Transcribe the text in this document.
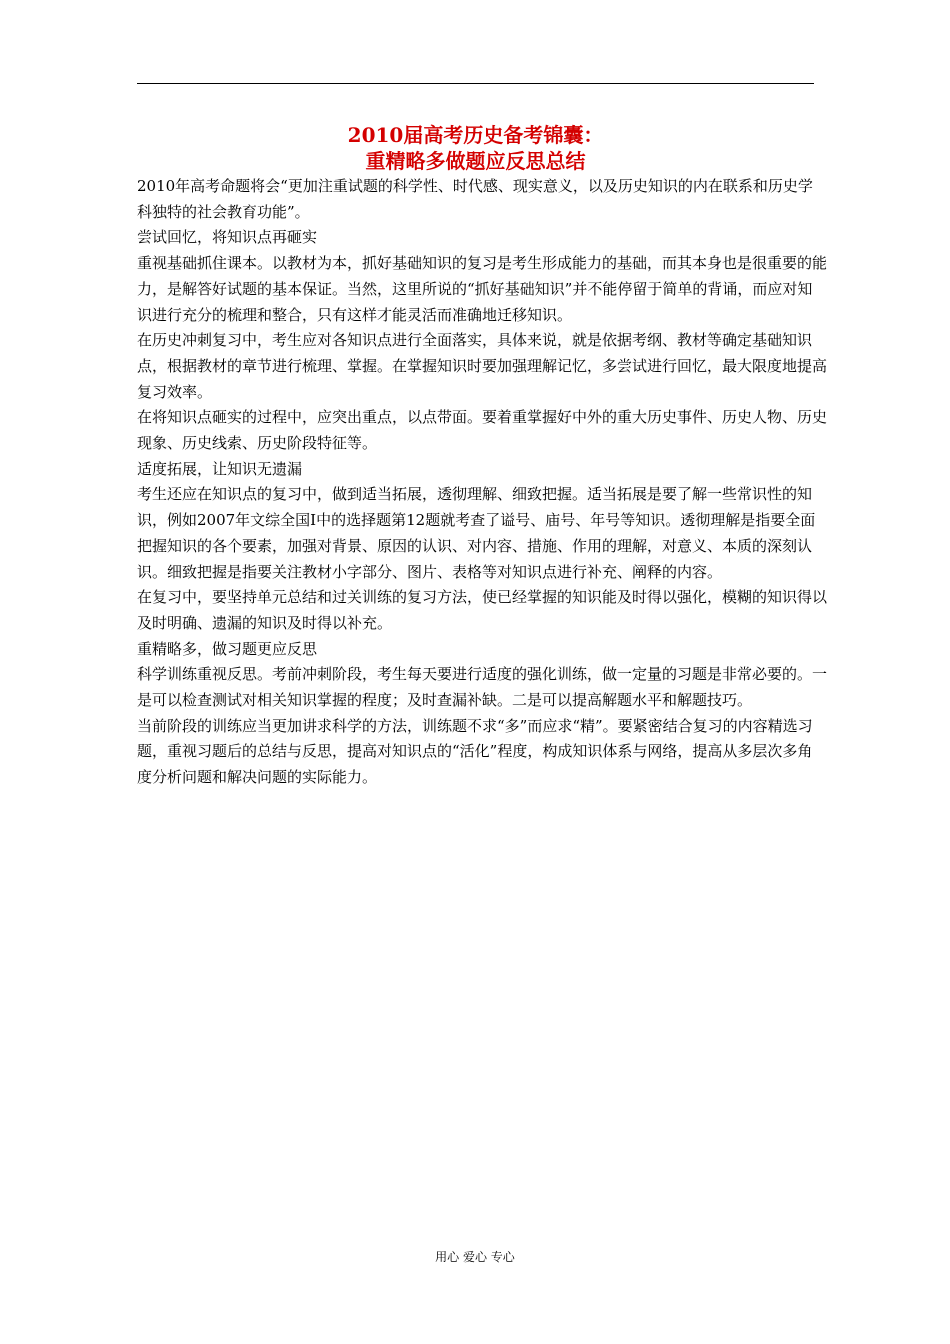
2010届高考历史备考锦囊：
重精略多做题应反思总结

2010年高考命题将会“更加注重试题的科学性、时代感、现实意义，以及历史知识的内在联系和历史学科独特的社会教育功能”。

尝试回忆，将知识点再砸实

重视基础抓住课本。以教材为本，抓好基础知识的复习是考生形成能力的基础，而其本身也是很重要的能力，是解答好试题的基本保证。当然，这里所说的“抓好基础知识”并不能停留于简单的背诵，而应对知识进行充分的梳理和整合，只有这样才能灵活而准确地迁移知识。

在历史冲刺复习中，考生应对各知识点进行全面落实，具体来说，就是依据考纲、教材等确定基础知识点，根据教材的章节进行梳理、掌握。在掌握知识时要加强理解记忆，多尝试进行回忆，最大限度地提高复习效率。

在将知识点砸实的过程中，应突出重点，以点带面。要着重掌握好中外的重大历史事件、历史人物、历史现象、历史线索、历史阶段特征等。

适度拓展，让知识无遗漏

考生还应在知识点的复习中，做到适当拓展，透彻理解、细致把握。适当拓展是要了解一些常识性的知识，例如2007年文综全国I中的选择题第12题就考查了谥号、庙号、年号等知识。透彻理解是指要全面把握知识的各个要素，加强对背景、原因的认识、对内容、措施、作用的理解，对意义、本质的深刻认识。细致把握是指要关注教材小字部分、图片、表格等对知识点进行补充、阐释的内容。

在复习中，要坚持单元总结和过关训练的复习方法，使已经掌握的知识能及时得以强化，模糊的知识得以及时明确、遗漏的知识及时得以补充。

重精略多，做习题更应反思

科学训练重视反思。考前冲刺阶段，考生每天要进行适度的强化训练，做一定量的习题是非常必要的。一是可以检查测试对相关知识掌握的程度；及时查漏补缺。二是可以提高解题水平和解题技巧。

当前阶段的训练应当更加讲求科学的方法，训练题不求“多”而应求“精”。要紧密结合复习的内容精选习题，重视习题后的总结与反思，提高对知识点的“活化”程度，构成知识体系与网络，提高从多层次多角度分析问题和解决问题的实际能力。

用心 爱心 专心
